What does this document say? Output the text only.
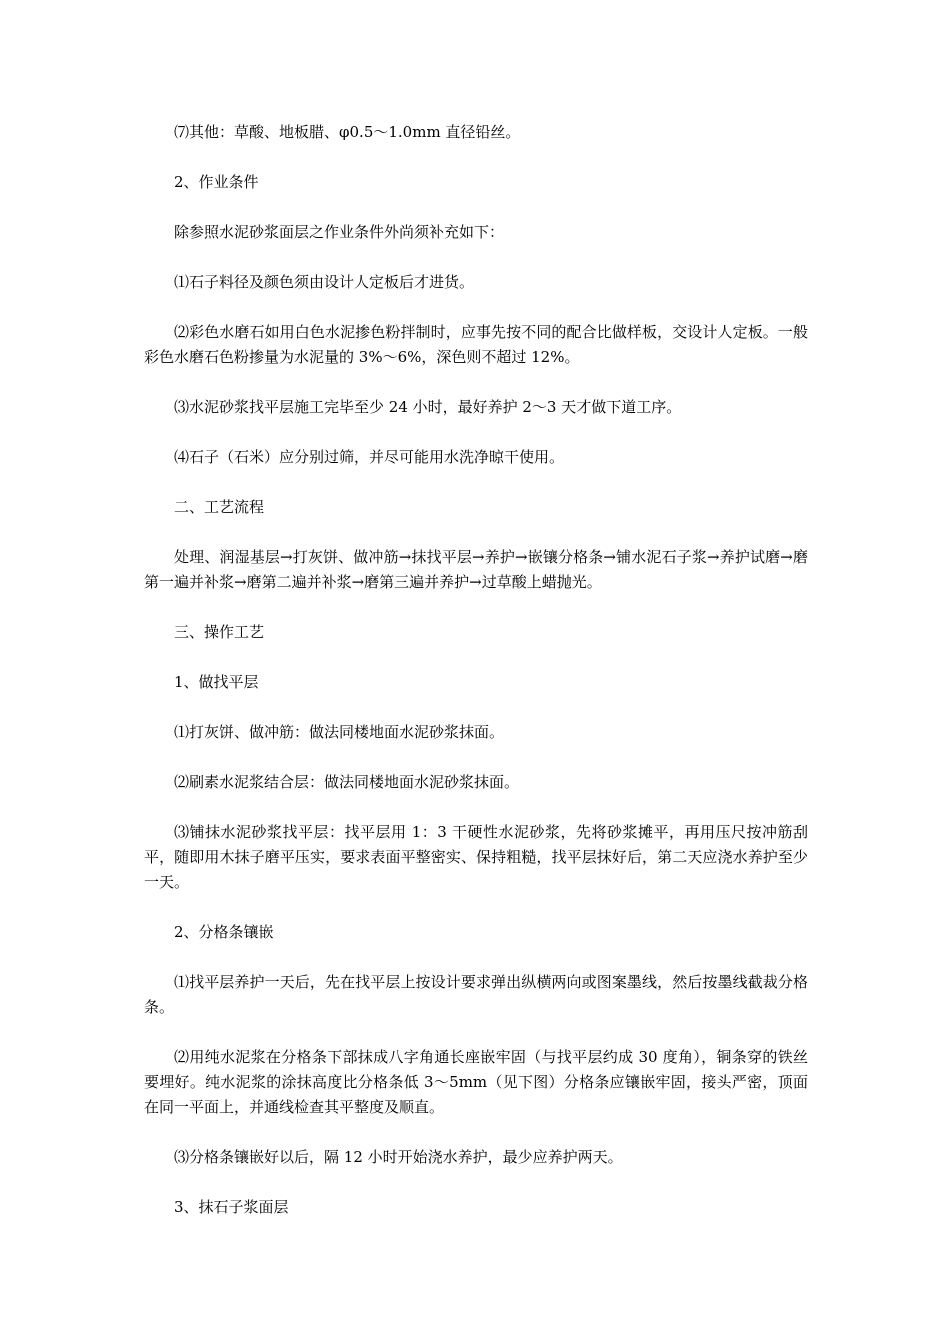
⑺其他：草酸、地板腊、φ0.5～1.0mm 直径铅丝。

2、作业条件

除参照水泥砂浆面层之作业条件外尚须补充如下：

⑴石子料径及颜色须由设计人定板后才进货。

⑵彩色水磨石如用白色水泥掺色粉拌制时，应事先按不同的配合比做样板，交设计人定板。一般彩色水磨石色粉掺量为水泥量的 3%～6%，深色则不超过 12%。

⑶水泥砂浆找平层施工完毕至少 24 小时，最好养护 2～3 天才做下道工序。

⑷石子（石米）应分别过筛，并尽可能用水洗净晾干使用。

二、工艺流程

处理、润湿基层→打灰饼、做冲筋→抹找平层→养护→嵌镶分格条→铺水泥石子浆→养护试磨→磨第一遍并补浆→磨第二遍并补浆→磨第三遍并养护→过草酸上蜡抛光。

三、操作工艺

1、做找平层

⑴打灰饼、做冲筋：做法同楼地面水泥砂浆抹面。

⑵刷素水泥浆结合层：做法同楼地面水泥砂浆抹面。

⑶铺抹水泥砂浆找平层：找平层用 1：3 干硬性水泥砂浆，先将砂浆摊平，再用压尺按冲筋刮平，随即用木抹子磨平压实，要求表面平整密实、保持粗糙，找平层抹好后，第二天应浇水养护至少一天。

2、分格条镶嵌

⑴找平层养护一天后，先在找平层上按设计要求弹出纵横两向或图案墨线，然后按墨线截裁分格条。

⑵用纯水泥浆在分格条下部抹成八字角通长座嵌牢固（与找平层约成 30 度角），铜条穿的铁丝要埋好。纯水泥浆的涂抹高度比分格条低 3～5mm（见下图）分格条应镶嵌牢固，接头严密，顶面在同一平面上，并通线检查其平整度及顺直。

⑶分格条镶嵌好以后，隔 12 小时开始浇水养护，最少应养护两天。

3、抹石子浆面层
